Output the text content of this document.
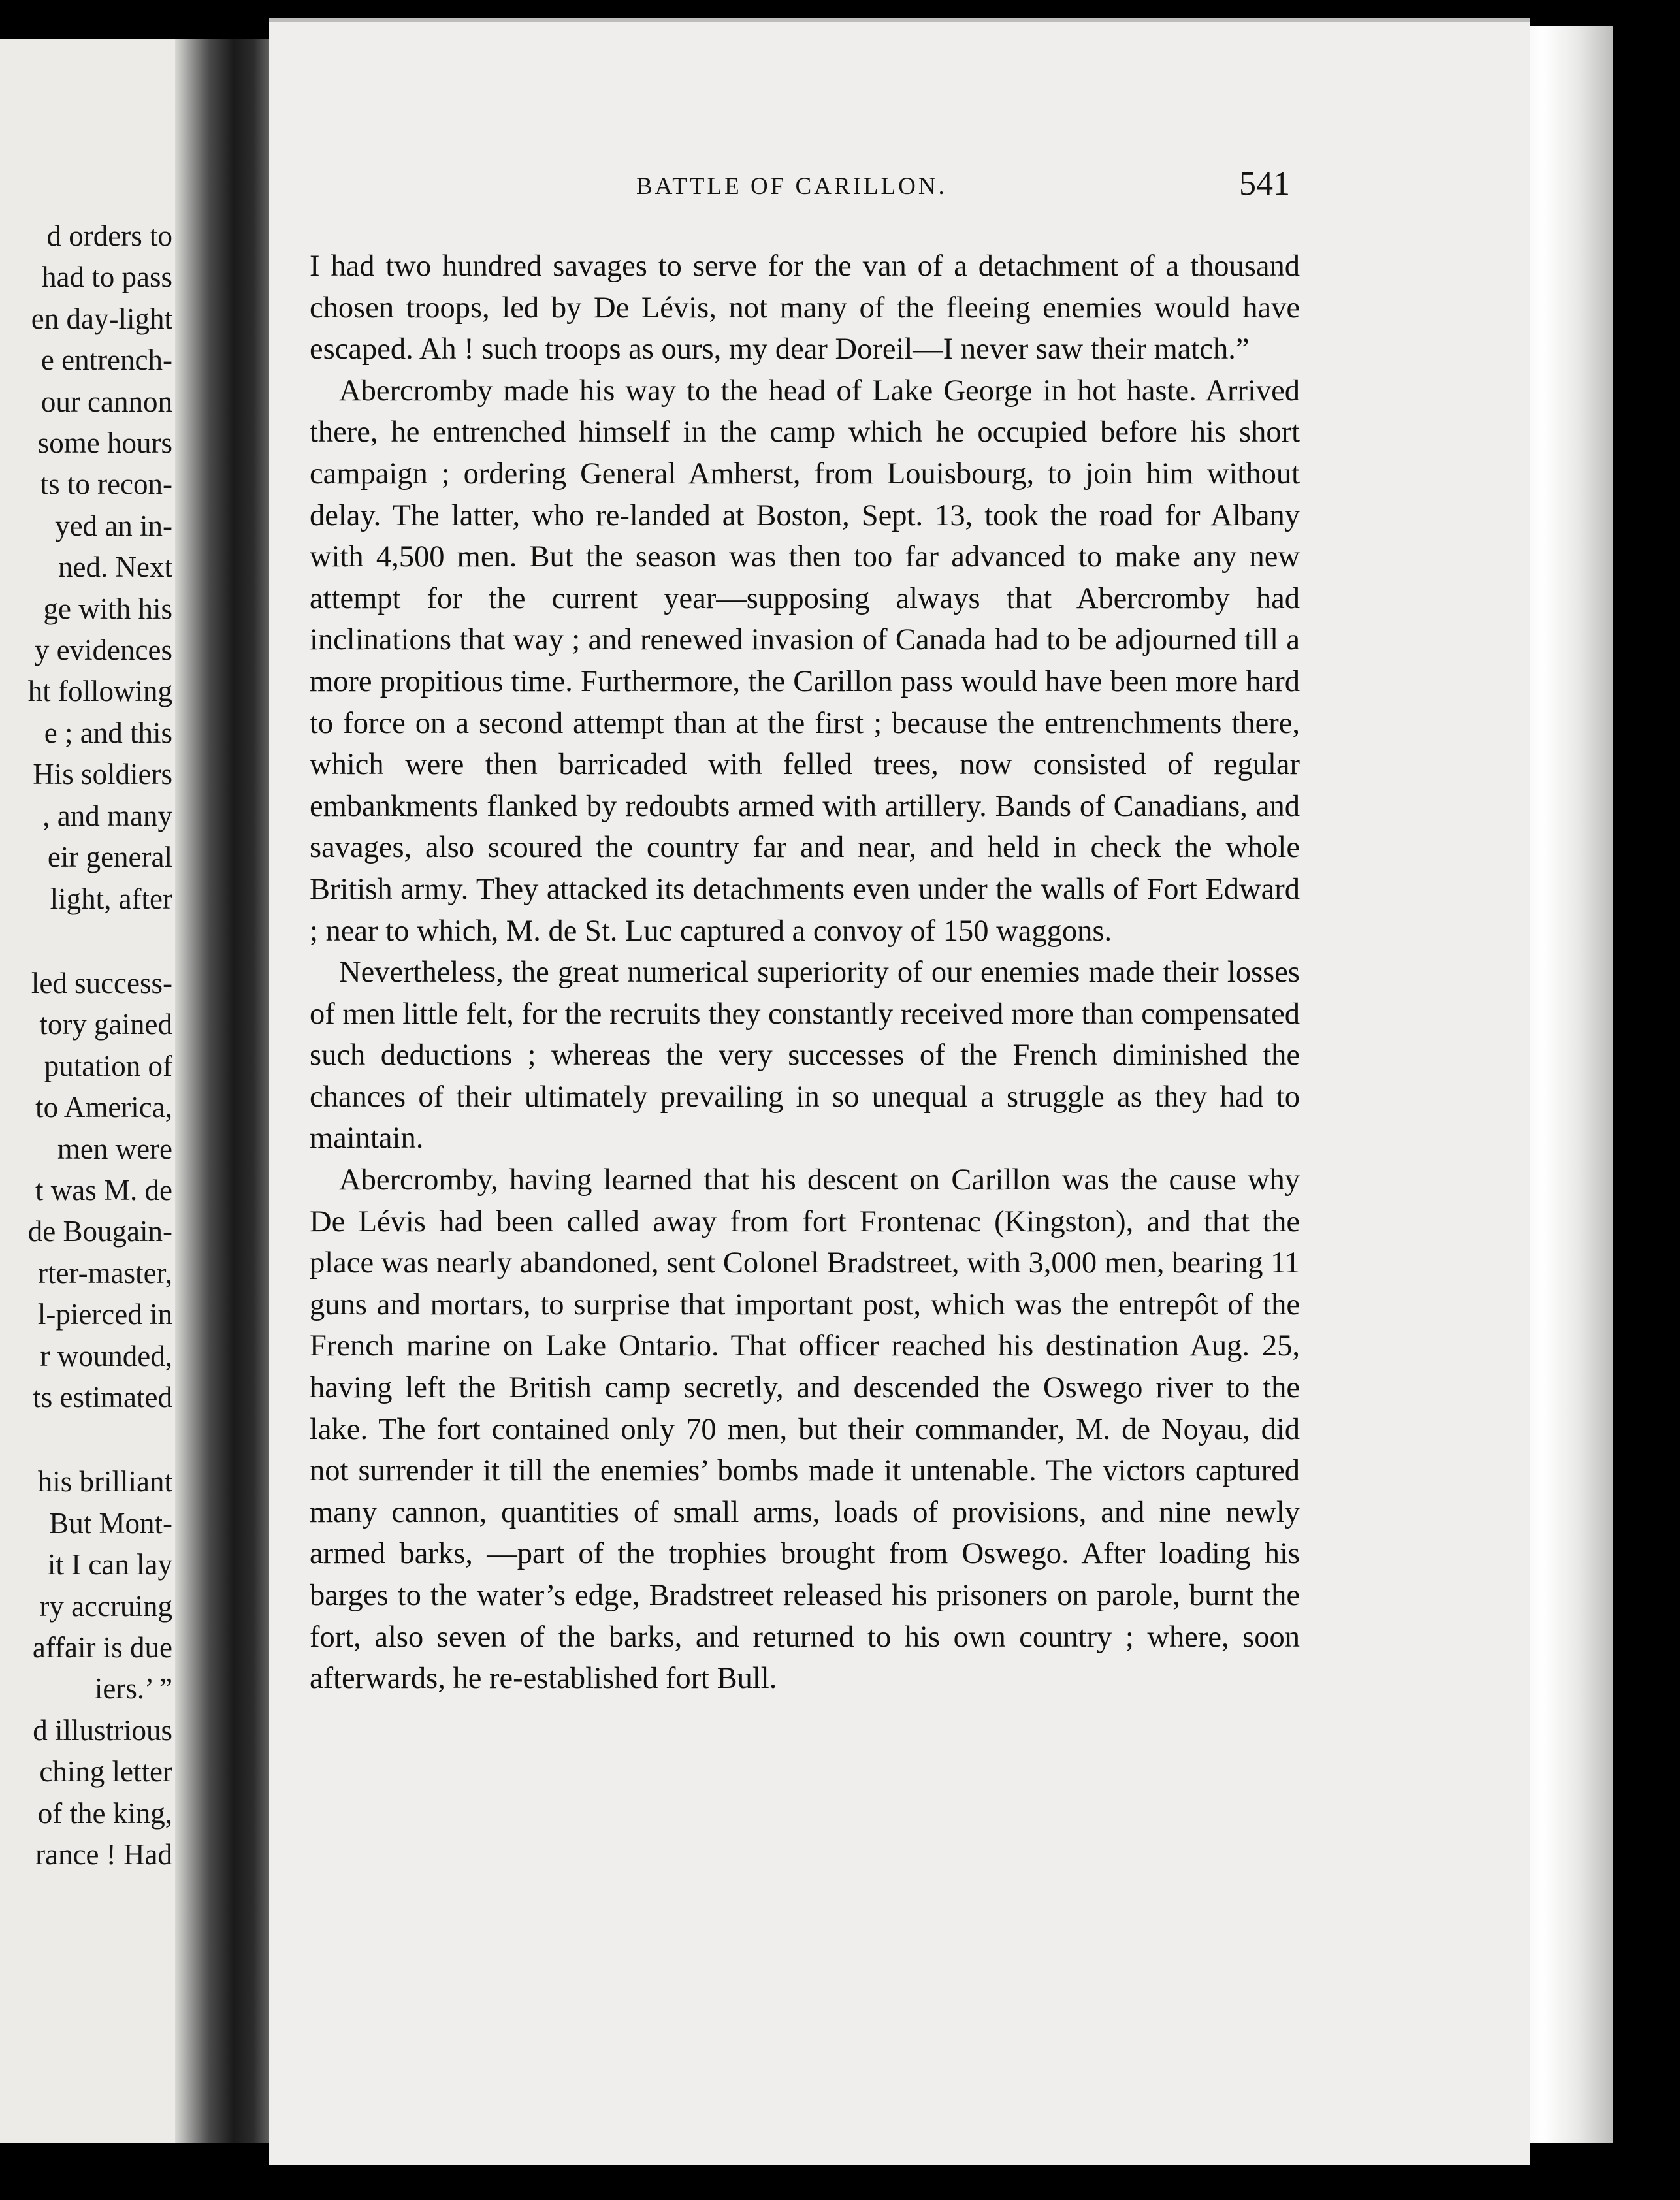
d orders to
had to pass
en day-light
e entrench-
our cannon
some hours
ts to recon-
yed an in-
ned. Next
ge with his
y evidences
ht following
e ; and this
His soldiers
, and many
eir general
light, after
led success-
tory gained
putation of
to America,
men were
t was M. de
de Bougain-
rter-master,
l-pierced in
r wounded,
ts estimated
his brilliant
But Mont-
it I can lay
ry accruing
affair is due
iers.’ ”
d illustrious
ching letter
of the king,
rance ! Had
BATTLE OF CARILLON.	541

I had two hundred savages to serve for the van of a detachment of a thousand chosen troops, led by De Lévis, not many of the fleeing enemies would have escaped. Ah ! such troops as ours, my dear Doreil—I never saw their match.”

Abercromby made his way to the head of Lake George in hot haste. Arrived there, he entrenched himself in the camp which he occupied before his short campaign ; ordering General Amherst, from Louisbourg, to join him without delay. The latter, who re-landed at Boston, Sept. 13, took the road for Albany with 4,500 men. But the season was then too far advanced to make any new attempt for the current year—supposing always that Abercromby had inclinations that way ; and renewed invasion of Canada had to be adjourned till a more propitious time. Furthermore, the Carillon pass would have been more hard to force on a second attempt than at the first ; because the entrenchments there, which were then barricaded with felled trees, now consisted of regular embankments flanked by redoubts armed with artillery. Bands of Canadians, and savages, also scoured the country far and near, and held in check the whole British army. They attacked its detachments even under the walls of Fort Edward ; near to which, M. de St. Luc captured a convoy of 150 waggons.

Nevertheless, the great numerical superiority of our enemies made their losses of men little felt, for the recruits they constantly received more than compensated such deductions ; whereas the very successes of the French diminished the chances of their ultimately prevailing in so unequal a struggle as they had to maintain.

Abercromby, having learned that his descent on Carillon was the cause why De Lévis had been called away from fort Frontenac (Kingston), and that the place was nearly abandoned, sent Colonel Bradstreet, with 3,000 men, bearing 11 guns and mortars, to surprise that important post, which was the entrepôt of the French marine on Lake Ontario. That officer reached his destination Aug. 25, having left the British camp secretly, and descended the Oswego river to the lake. The fort contained only 70 men, but their commander, M. de Noyau, did not surrender it till the enemies’ bombs made it untenable. The victors captured many cannon, quantities of small arms, loads of provisions, and nine newly armed barks, —part of the trophies brought from Oswego. After loading his barges to the water’s edge, Bradstreet released his prisoners on parole, burnt the fort, also seven of the barks, and returned to his own country ; where, soon afterwards, he re-established fort Bull.
